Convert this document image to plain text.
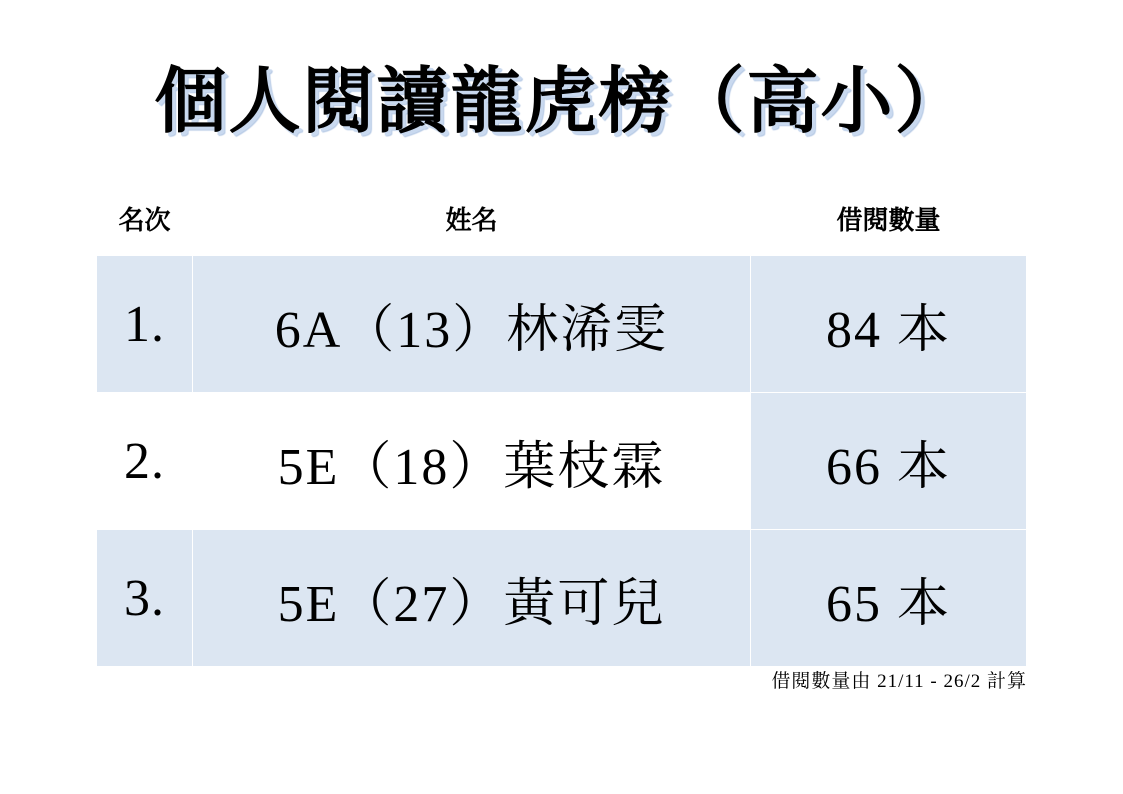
個人閱讀龍虎榜（高小）
名次	姓名	借閱數量
1.	6A（13）林浠雯	84 本
2.	5E（18）葉枝霖	66 本
3.	5E（27）黃可兒	65 本
借閱數量由 21/11 - 26/2 計算
